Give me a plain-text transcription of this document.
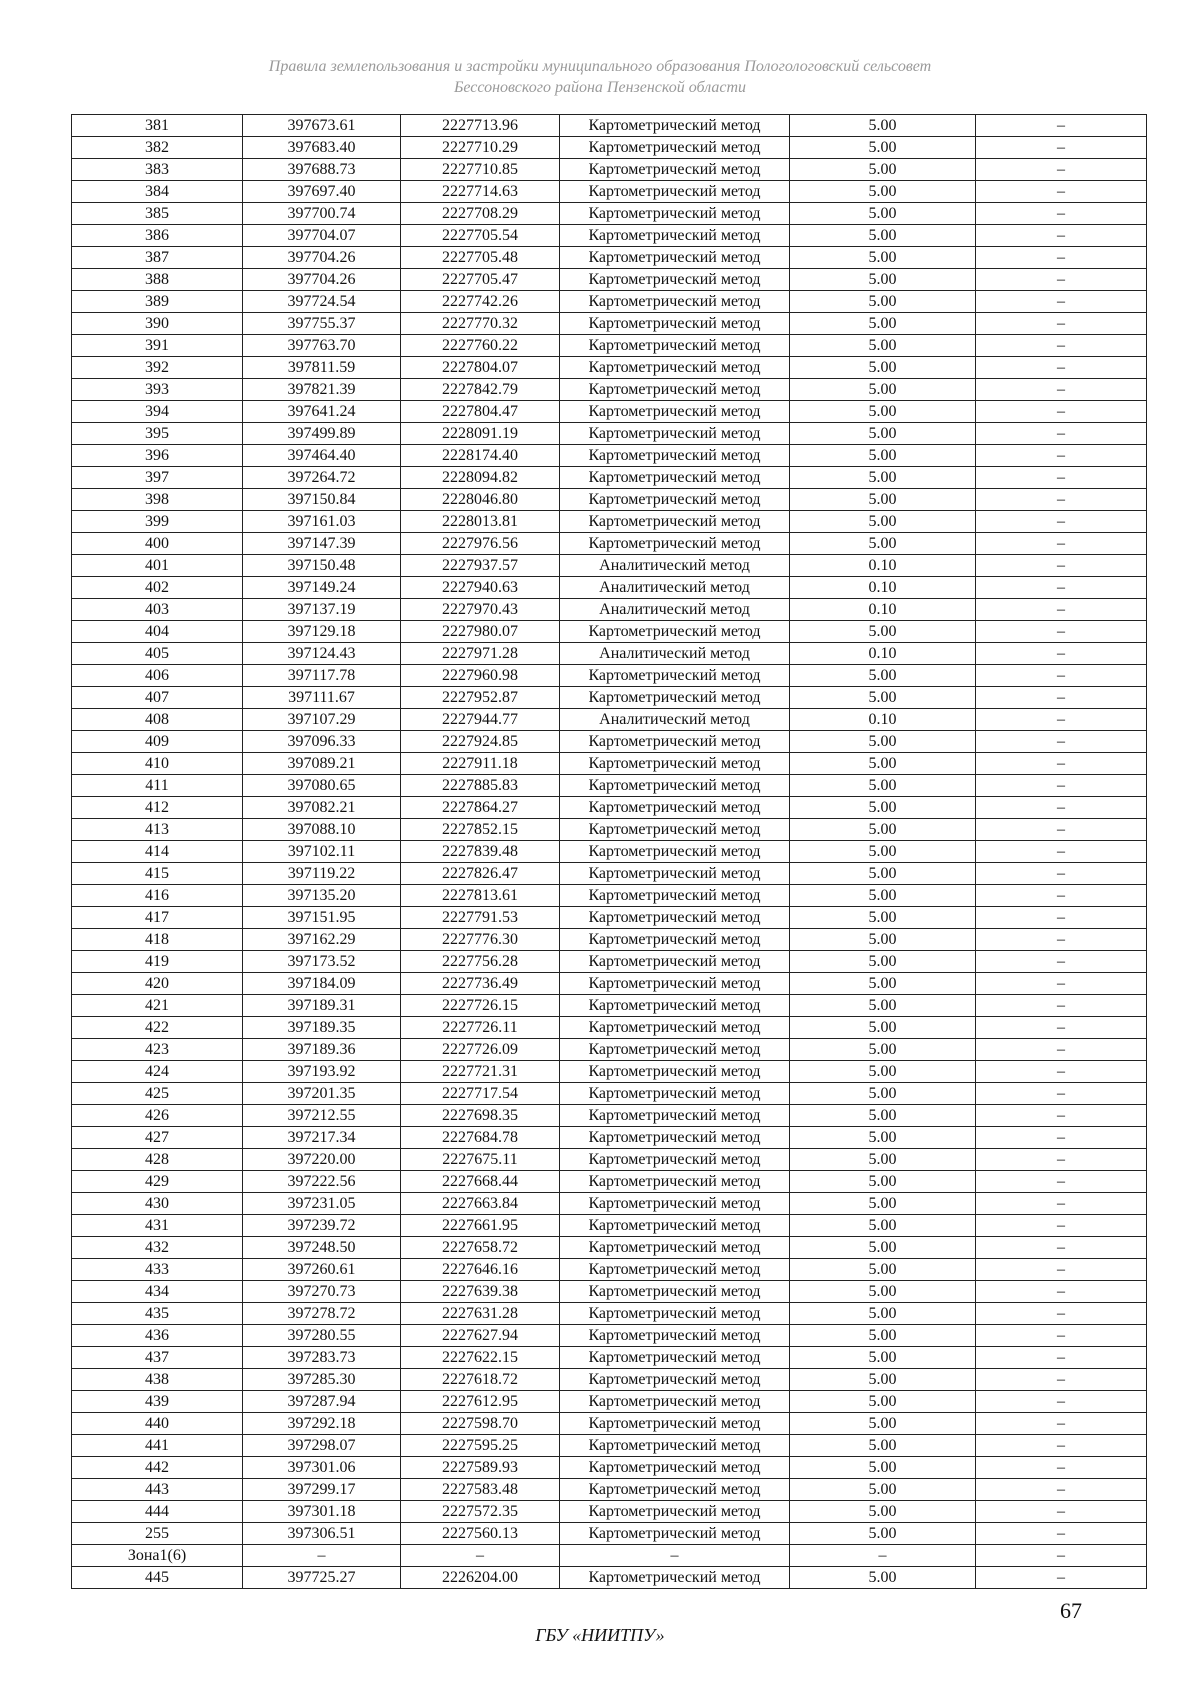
Правила землепользования и застройки муниципального образования Пологологовский сельсовет
Бессоновского района Пензенской области
381	397673.61	2227713.96	Картометрический метод	5.00	–
382	397683.40	2227710.29	Картометрический метод	5.00	–
383	397688.73	2227710.85	Картометрический метод	5.00	–
384	397697.40	2227714.63	Картометрический метод	5.00	–
385	397700.74	2227708.29	Картометрический метод	5.00	–
386	397704.07	2227705.54	Картометрический метод	5.00	–
387	397704.26	2227705.48	Картометрический метод	5.00	–
388	397704.26	2227705.47	Картометрический метод	5.00	–
389	397724.54	2227742.26	Картометрический метод	5.00	–
390	397755.37	2227770.32	Картометрический метод	5.00	–
391	397763.70	2227760.22	Картометрический метод	5.00	–
392	397811.59	2227804.07	Картометрический метод	5.00	–
393	397821.39	2227842.79	Картометрический метод	5.00	–
394	397641.24	2227804.47	Картометрический метод	5.00	–
395	397499.89	2228091.19	Картометрический метод	5.00	–
396	397464.40	2228174.40	Картометрический метод	5.00	–
397	397264.72	2228094.82	Картометрический метод	5.00	–
398	397150.84	2228046.80	Картометрический метод	5.00	–
399	397161.03	2228013.81	Картометрический метод	5.00	–
400	397147.39	2227976.56	Картометрический метод	5.00	–
401	397150.48	2227937.57	Аналитический метод	0.10	–
402	397149.24	2227940.63	Аналитический метод	0.10	–
403	397137.19	2227970.43	Аналитический метод	0.10	–
404	397129.18	2227980.07	Картометрический метод	5.00	–
405	397124.43	2227971.28	Аналитический метод	0.10	–
406	397117.78	2227960.98	Картометрический метод	5.00	–
407	397111.67	2227952.87	Картометрический метод	5.00	–
408	397107.29	2227944.77	Аналитический метод	0.10	–
409	397096.33	2227924.85	Картометрический метод	5.00	–
410	397089.21	2227911.18	Картометрический метод	5.00	–
411	397080.65	2227885.83	Картометрический метод	5.00	–
412	397082.21	2227864.27	Картометрический метод	5.00	–
413	397088.10	2227852.15	Картометрический метод	5.00	–
414	397102.11	2227839.48	Картометрический метод	5.00	–
415	397119.22	2227826.47	Картометрический метод	5.00	–
416	397135.20	2227813.61	Картометрический метод	5.00	–
417	397151.95	2227791.53	Картометрический метод	5.00	–
418	397162.29	2227776.30	Картометрический метод	5.00	–
419	397173.52	2227756.28	Картометрический метод	5.00	–
420	397184.09	2227736.49	Картометрический метод	5.00	–
421	397189.31	2227726.15	Картометрический метод	5.00	–
422	397189.35	2227726.11	Картометрический метод	5.00	–
423	397189.36	2227726.09	Картометрический метод	5.00	–
424	397193.92	2227721.31	Картометрический метод	5.00	–
425	397201.35	2227717.54	Картометрический метод	5.00	–
426	397212.55	2227698.35	Картометрический метод	5.00	–
427	397217.34	2227684.78	Картометрический метод	5.00	–
428	397220.00	2227675.11	Картометрический метод	5.00	–
429	397222.56	2227668.44	Картометрический метод	5.00	–
430	397231.05	2227663.84	Картометрический метод	5.00	–
431	397239.72	2227661.95	Картометрический метод	5.00	–
432	397248.50	2227658.72	Картометрический метод	5.00	–
433	397260.61	2227646.16	Картометрический метод	5.00	–
434	397270.73	2227639.38	Картометрический метод	5.00	–
435	397278.72	2227631.28	Картометрический метод	5.00	–
436	397280.55	2227627.94	Картометрический метод	5.00	–
437	397283.73	2227622.15	Картометрический метод	5.00	–
438	397285.30	2227618.72	Картометрический метод	5.00	–
439	397287.94	2227612.95	Картометрический метод	5.00	–
440	397292.18	2227598.70	Картометрический метод	5.00	–
441	397298.07	2227595.25	Картометрический метод	5.00	–
442	397301.06	2227589.93	Картометрический метод	5.00	–
443	397299.17	2227583.48	Картометрический метод	5.00	–
444	397301.18	2227572.35	Картометрический метод	5.00	–
255	397306.51	2227560.13	Картометрический метод	5.00	–
Зона1(6)	–	–	–	–	–
445	397725.27	2226204.00	Картометрический метод	5.00	–
67
ГБУ «НИИТПУ»
